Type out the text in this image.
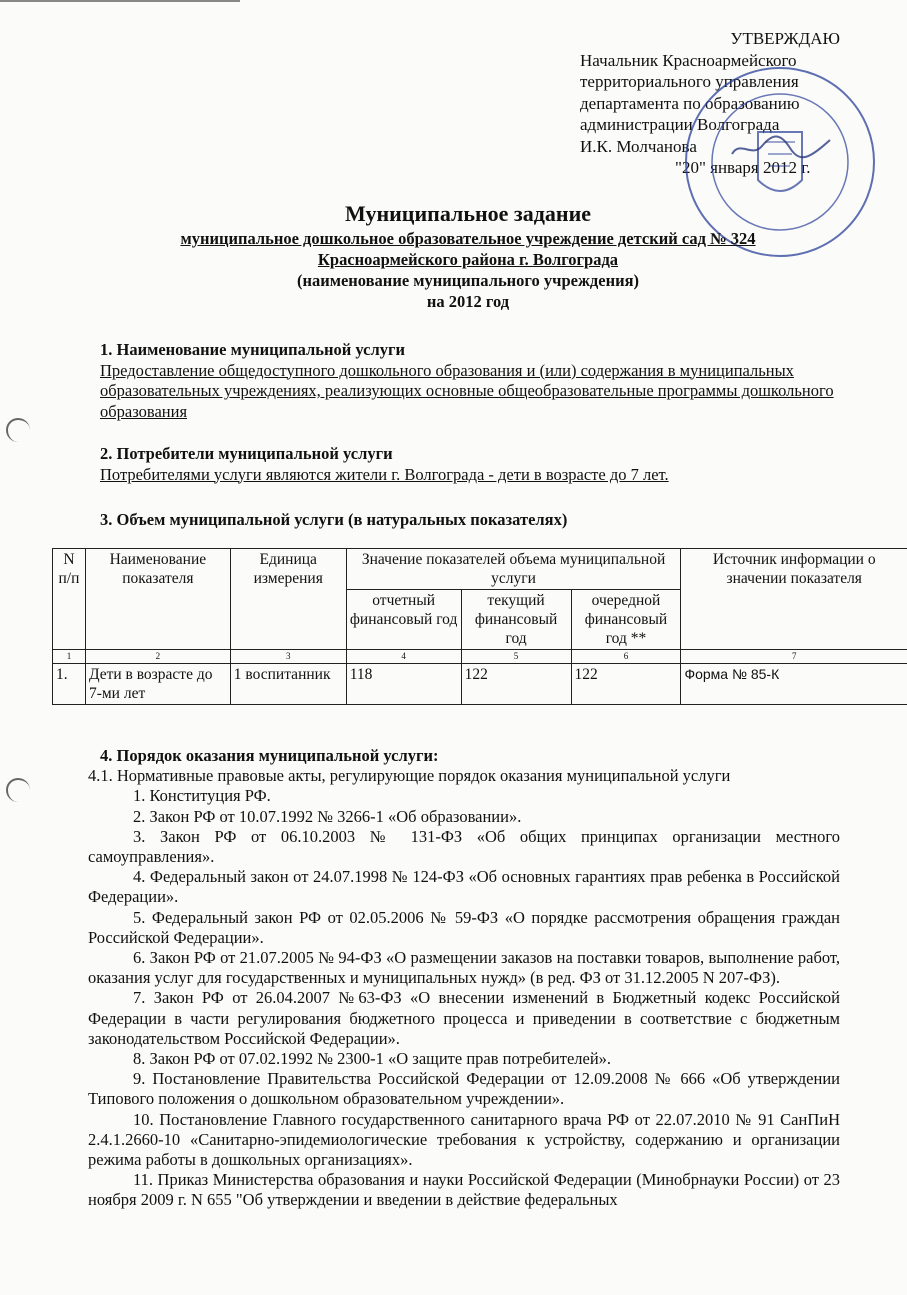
УТВЕРЖДАЮ
Начальник Красноармейского
территориального управления
департамента по образованию
администрации Волгограда
И.К. Молчанова
"20" января 2012 г.
Муниципальное задание
муниципальное дошкольное образовательное учреждение детский сад № 324
Красноармейского района г. Волгограда
(наименование муниципального учреждения)
на 2012 год
1. Наименование муниципальной услуги
Предоставление общедоступного дошкольного образования и (или) содержания в муниципальных образовательных учреждениях, реализующих основные общеобразовательные программы дошкольного образования
2. Потребители муниципальной услуги
Потребителями услуги являются жители г. Волгограда - дети в возрасте до 7 лет.
3. Объем муниципальной услуги (в натуральных показателях)
N п/п	Наименование показателя	Единица измерения	Значение показателей объема муниципальной услуги			Источник информации о значении показателя
			отчетный финансовый год	текущий финансовый год	очередной финансовый год **	
1	2	3	4	5	6	7
1.	Дети в возрасте до 7-ми лет	1 воспитанник	118	122	122	Форма № 85-К

4. Порядок оказания муниципальной услуги:

4.1. Нормативные правовые акты, регулирующие порядок оказания муниципальной услуги

1. Конституция РФ.

2. Закон РФ от 10.07.1992 № 3266-1 «Об образовании».

3. Закон РФ от 06.10.2003 № 131-ФЗ «Об общих принципах организации местного самоуправления».

4. Федеральный закон от 24.07.1998 № 124-ФЗ «Об основных гарантиях прав ребенка в Российской Федерации».

5. Федеральный закон РФ от 02.05.2006 № 59-ФЗ «О порядке рассмотрения обращения граждан Российской Федерации».

6. Закон РФ от 21.07.2005 № 94-ФЗ «О размещении заказов на поставки товаров, выполнение работ, оказания услуг для государственных и муниципальных нужд» (в ред. ФЗ от 31.12.2005 N 207-ФЗ).

7. Закон РФ от 26.04.2007 №63-ФЗ «О внесении изменений в Бюджетный кодекс Российской Федерации в части регулирования бюджетного процесса и приведении в соответствие с бюджетным законодательством Российской Федерации».

8. Закон РФ от 07.02.1992 № 2300-1 «О защите прав потребителей».

9. Постановление Правительства Российской Федерации от 12.09.2008 № 666 «Об утверждении Типового положения о дошкольном образовательном учреждении».

10. Постановление Главного государственного санитарного врача РФ от 22.07.2010 № 91 СанПиН 2.4.1.2660-10 «Санитарно-эпидемиологические требования к устройству, содержанию и организации режима работы в дошкольных организациях».

11. Приказ Министерства образования и науки Российской Федерации (Минобрнауки России) от 23 ноября 2009 г. N 655 "Об утверждении и введении в действие федеральных
